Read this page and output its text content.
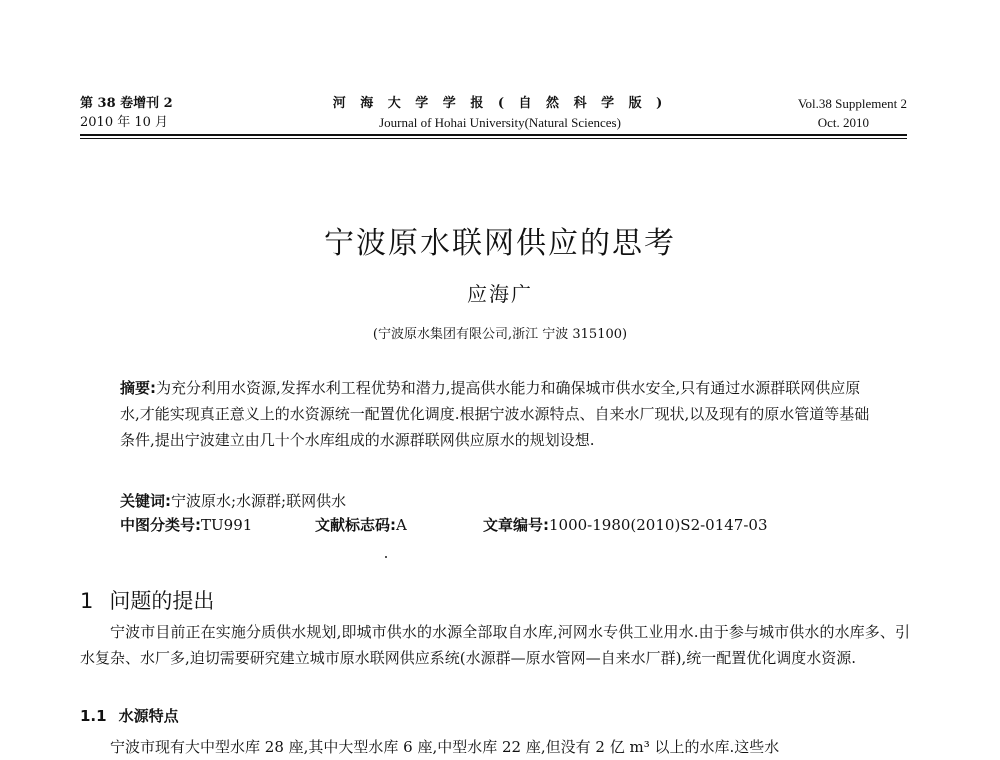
第 38 卷增刊 2
2010 年 10 月
河 海 大 学 学 报 ( 自 然 科 学 版 )
Journal of Hohai University(Natural Sciences)
Vol.38 Supplement 2
Oct. 2010
宁波原水联网供应的思考
应海广
(宁波原水集团有限公司,浙江 宁波 315100)
摘要:为充分利用水资源,发挥水利工程优势和潜力,提高供水能力和确保城市供水安全,只有通过水源群联网供应原水,才能实现真正意义上的水资源统一配置优化调度.根据宁波水源特点、自来水厂现状,以及现有的原水管道等基础条件,提出宁波建立由几十个水库组成的水源群联网供应原水的规划设想.
关键词:宁波原水;水源群;联网供水
中图分类号:TU991	文献标志码:A	文章编号:1000-1980(2010)S2-0147-03
1 问题的提出
宁波市目前正在实施分质供水规划,即城市供水的水源全部取自水库,河网水专供工业用水.由于参与城市供水的水库多、引水复杂、水厂多,迫切需要研究建立城市原水联网供应系统(水源群—原水管网—自来水厂群),统一配置优化调度水资源.
1.1 水源特点
宁波市现有大中型水库 28 座,其中大型水库 6 座,中型水库 22 座,但没有 2 亿 m³ 以上的水库.这些水
